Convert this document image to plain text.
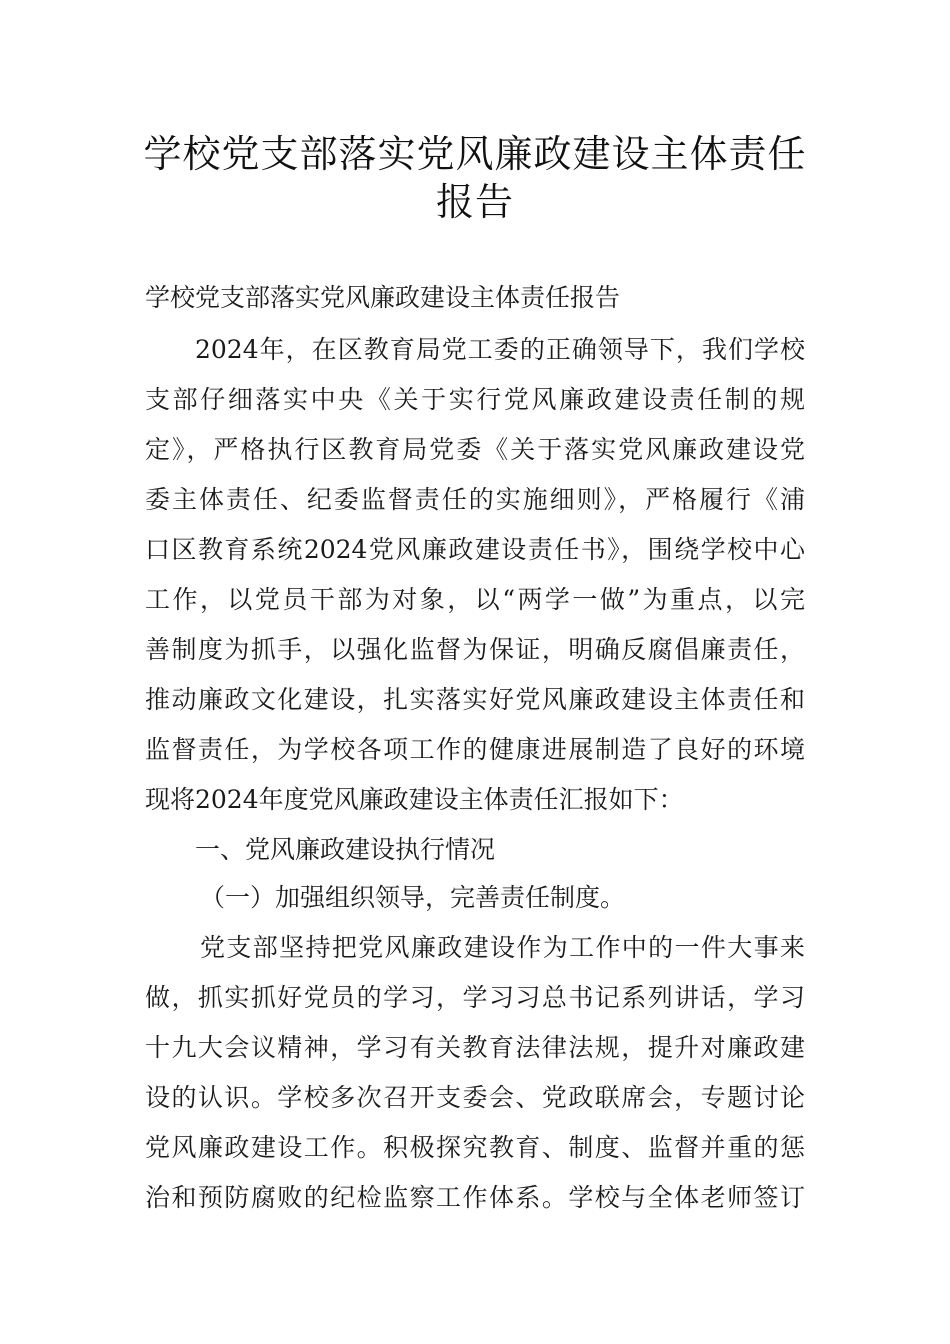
学校党支部落实党风廉政建设主体责任
报告
学校党支部落实党风廉政建设主体责任报告
2024年，在区教育局党工委的正确领导下，我们学校
支部仔细落实中央《关于实行党风廉政建设责任制的规
定》，严格执行区教育局党委《关于落实党风廉政建设党
委主体责任、纪委监督责任的实施细则》，严格履行《浦
口区教育系统2024党风廉政建设责任书》，围绕学校中心
工作，以党员干部为对象，以“两学一做”为重点，以完
善制度为抓手，以强化监督为保证，明确反腐倡廉责任，
推动廉政文化建设，扎实落实好党风廉政建设主体责任和
监督责任，为学校各项工作的健康进展制造了良好的环境
现将2024年度党风廉政建设主体责任汇报如下：
一、党风廉政建设执行情况
（一）加强组织领导，完善责任制度。
党支部坚持把党风廉政建设作为工作中的一件大事来
做，抓实抓好党员的学习，学习习总书记系列讲话，学习
十九大会议精神，学习有关教育法律法规，提升对廉政建
设的认识。学校多次召开支委会、党政联席会，专题讨论
党风廉政建设工作。积极探究教育、制度、监督并重的惩
治和预防腐败的纪检监察工作体系。学校与全体老师签订
